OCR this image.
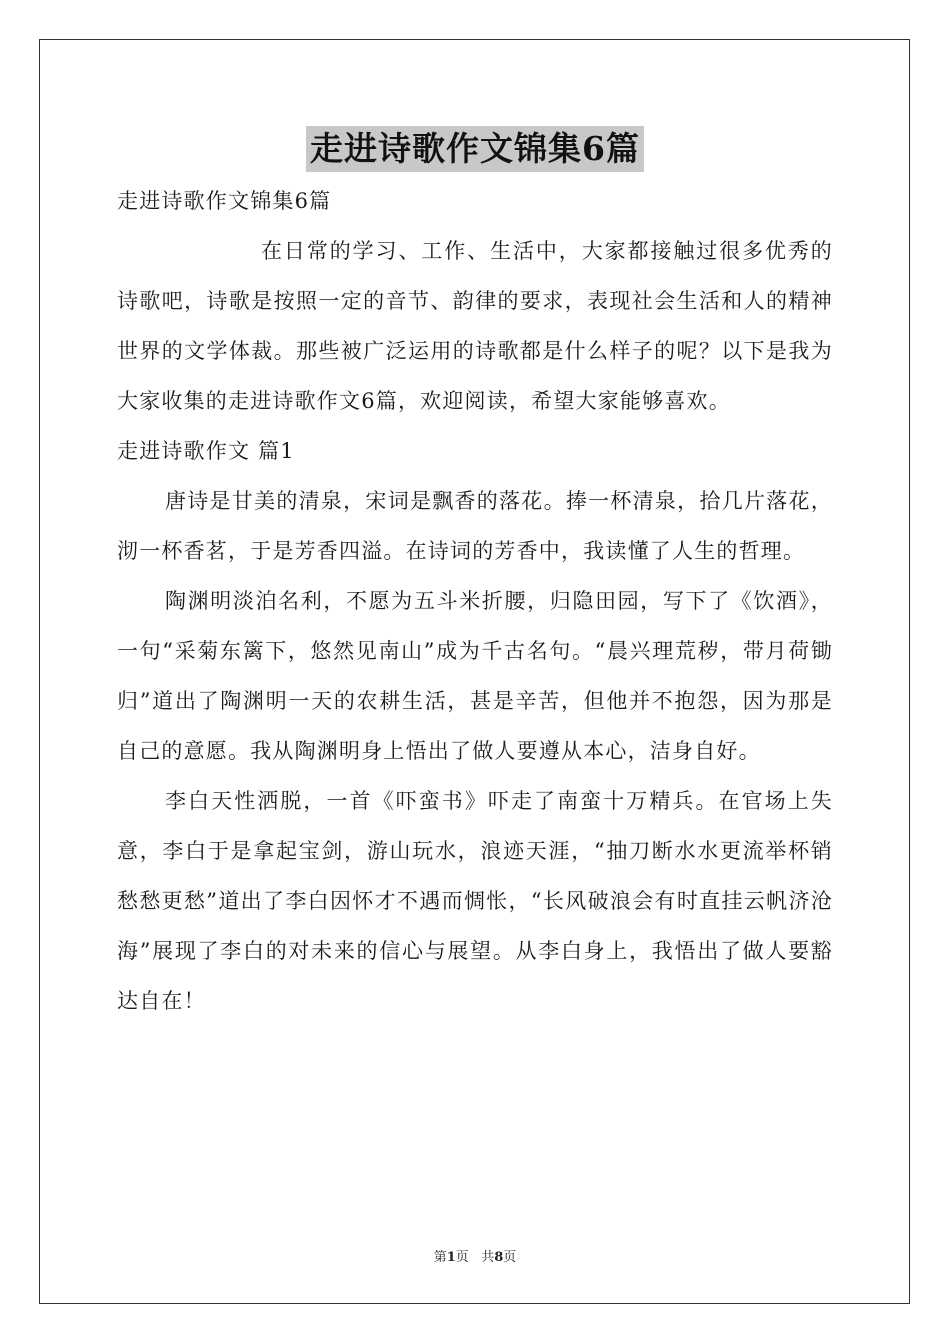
走进诗歌作文锦集6篇

走进诗歌作文锦集6篇

在日常的学习、工作、生活中，大家都接触过很多优秀的诗歌吧，诗歌是按照一定的音节、韵律的要求，表现社会生活和人的精神世界的文学体裁。那些被广泛运用的诗歌都是什么样子的呢？以下是我为大家收集的走进诗歌作文6篇，欢迎阅读，希望大家能够喜欢。

走进诗歌作文 篇1

唐诗是甘美的清泉，宋词是飘香的落花。捧一杯清泉，拾几片落花，沏一杯香茗，于是芳香四溢。在诗词的芳香中，我读懂了人生的哲理。

陶渊明淡泊名利，不愿为五斗米折腰，归隐田园，写下了《饮酒》，一句“采菊东篱下，悠然见南山”成为千古名句。“晨兴理荒秽，带月荷锄归”道出了陶渊明一天的农耕生活，甚是辛苦，但他并不抱怨，因为那是自己的意愿。我从陶渊明身上悟出了做人要遵从本心，洁身自好。

李白天性洒脱，一首《吓蛮书》吓走了南蛮十万精兵。在官场上失意，李白于是拿起宝剑，游山玩水，浪迹天涯，“抽刀断水水更流举杯销愁愁更愁”道出了李白因怀才不遇而惆怅，“长风破浪会有时直挂云帆济沧海”展现了李白的对未来的信心与展望。从李白身上，我悟出了做人要豁达自在！

第1页 共8页
